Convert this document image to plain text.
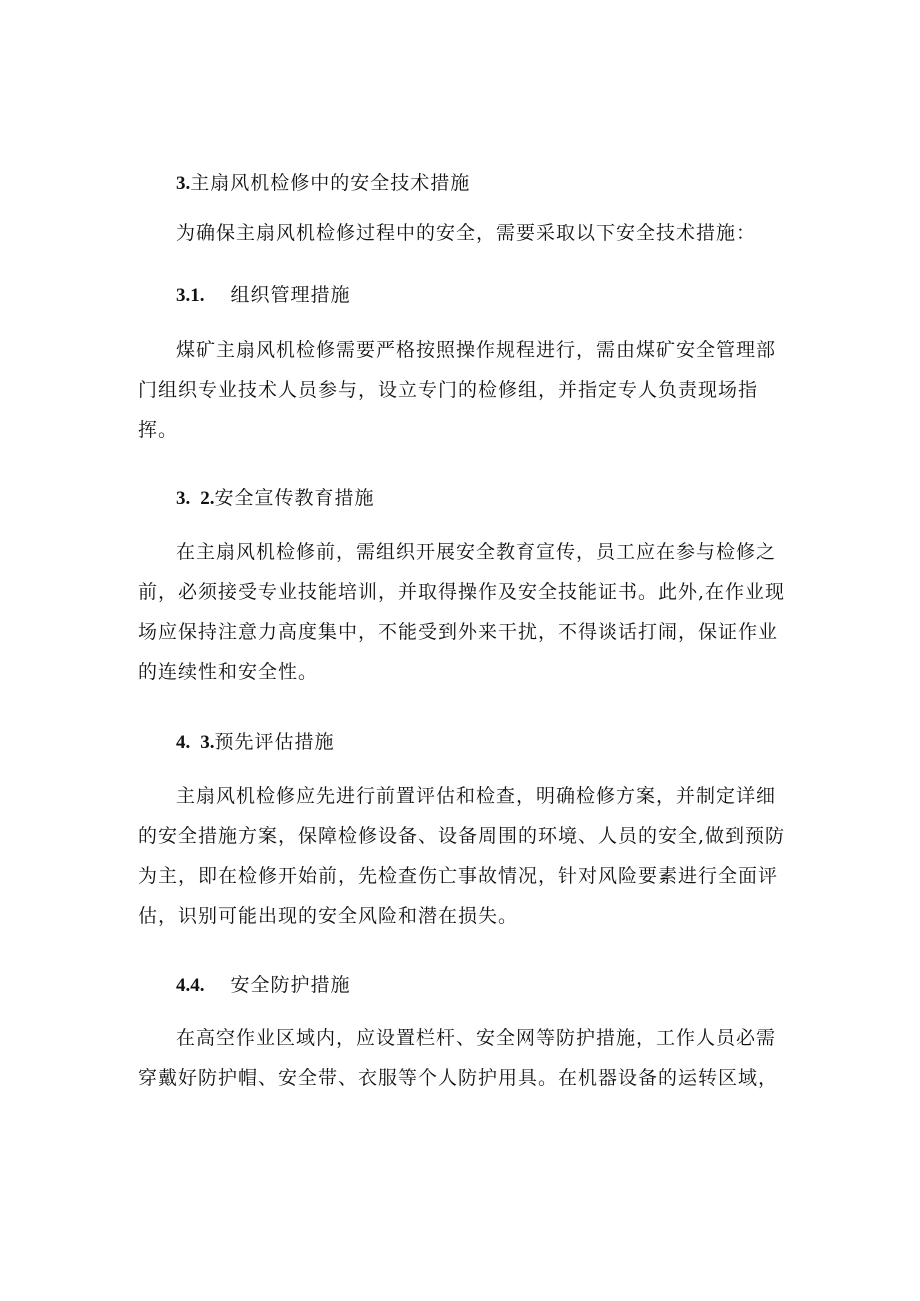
3.主扇风机检修中的安全技术措施
为确保主扇风机检修过程中的安全，需要采取以下安全技术措施：
3.1. 组织管理措施
煤矿主扇风机检修需要严格按照操作规程进行，需由煤矿安全管理部
门组织专业技术人员参与，设立专门的检修组，并指定专人负责现场指
挥。
3. 2.安全宣传教育措施
在主扇风机检修前，需组织开展安全教育宣传，员工应在参与检修之
前，必须接受专业技能培训，并取得操作及安全技能证书。此外,在作业现
场应保持注意力高度集中，不能受到外来干扰，不得谈话打闹，保证作业
的连续性和安全性。
4. 3.预先评估措施
主扇风机检修应先进行前置评估和检查，明确检修方案，并制定详细
的安全措施方案，保障检修设备、设备周围的环境、人员的安全,做到预防
为主，即在检修开始前，先检查伤亡事故情况，针对风险要素进行全面评
估，识别可能出现的安全风险和潜在损失。
4.4. 安全防护措施
在高空作业区域内，应设置栏杆、安全网等防护措施，工作人员必需
穿戴好防护帽、安全带、衣服等个人防护用具。在机器设备的运转区域，
